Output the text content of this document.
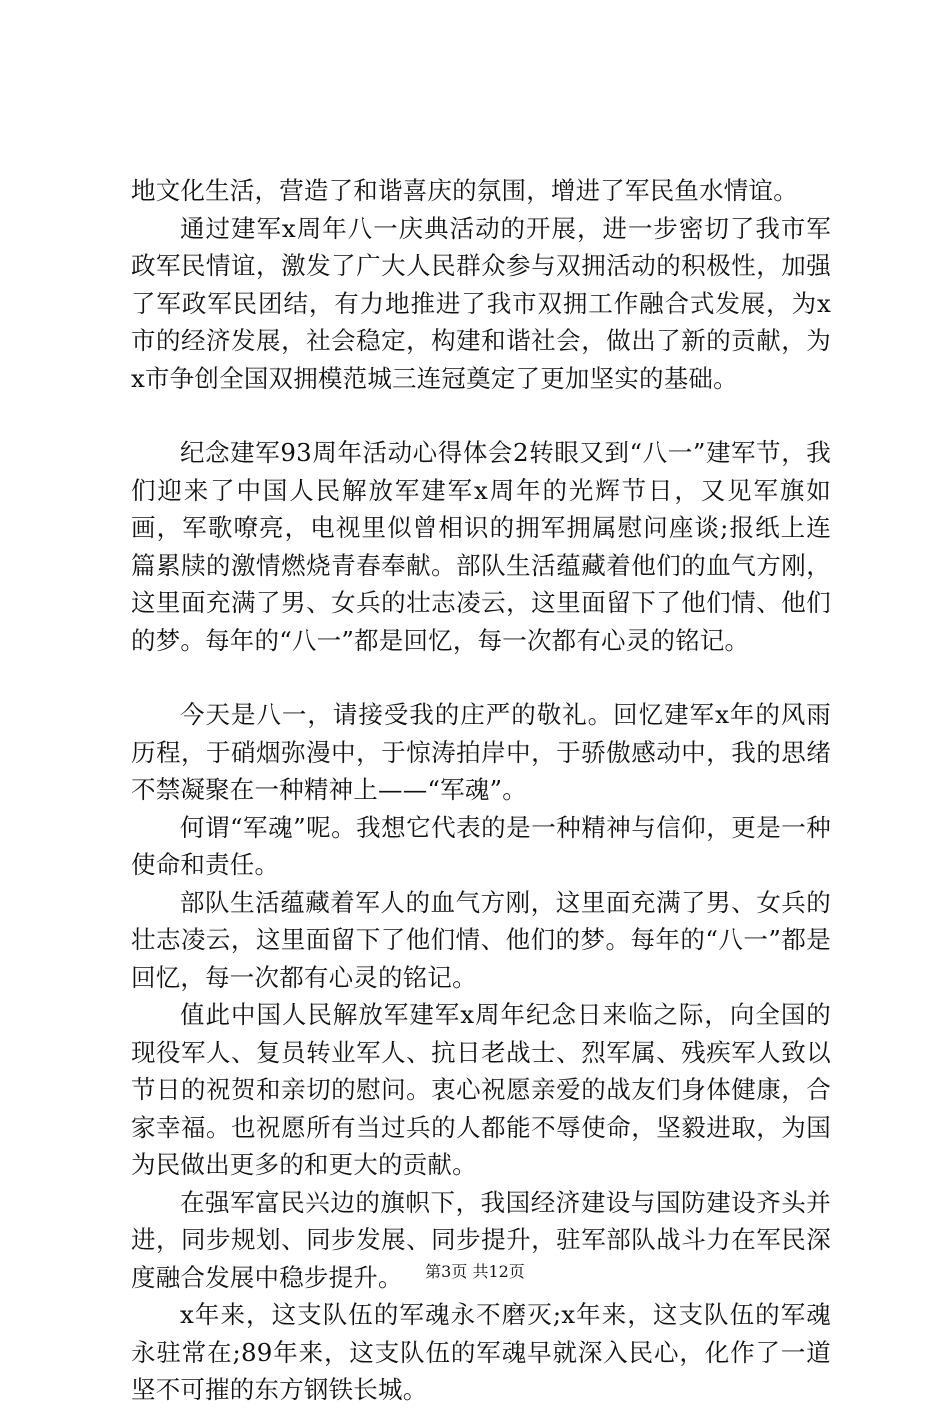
地文化生活，营造了和谐喜庆的氛围，增进了军民鱼水情谊。

通过建军x周年八一庆典活动的开展，进一步密切了我市军政军民情谊，激发了广大人民群众参与双拥活动的积极性，加强了军政军民团结，有力地推进了我市双拥工作融合式发展，为x市的经济发展，社会稳定，构建和谐社会，做出了新的贡献，为x市争创全国双拥模范城三连冠奠定了更加坚实的基础。

纪念建军93周年活动心得体会2转眼又到“八一”建军节，我们迎来了中国人民解放军建军x周年的光辉节日，又见军旗如画，军歌嘹亮，电视里似曾相识的拥军拥属慰问座谈;报纸上连篇累牍的激情燃烧青春奉献。部队生活蕴藏着他们的血气方刚，这里面充满了男、女兵的壮志凌云，这里面留下了他们情、他们的梦。每年的“八一”都是回忆，每一次都有心灵的铭记。

今天是八一，请接受我的庄严的敬礼。回忆建军x年的风雨历程，于硝烟弥漫中，于惊涛拍岸中，于骄傲感动中，我的思绪不禁凝聚在一种精神上——“军魂”。

何谓“军魂”呢。我想它代表的是一种精神与信仰，更是一种使命和责任。

部队生活蕴藏着军人的血气方刚，这里面充满了男、女兵的壮志凌云，这里面留下了他们情、他们的梦。每年的“八一”都是回忆，每一次都有心灵的铭记。

值此中国人民解放军建军x周年纪念日来临之际，向全国的现役军人、复员转业军人、抗日老战士、烈军属、残疾军人致以节日的祝贺和亲切的慰问。衷心祝愿亲爱的战友们身体健康，合家幸福。也祝愿所有当过兵的人都能不辱使命，坚毅进取，为国为民做出更多的和更大的贡献。

在强军富民兴边的旗帜下，我国经济建设与国防建设齐头并进，同步规划、同步发展、同步提升，驻军部队战斗力在军民深度融合发展中稳步提升。

x年来，这支队伍的军魂永不磨灭;x年来，这支队伍的军魂永驻常在;89年来，这支队伍的军魂早就深入民心，化作了一道坚不可摧的东方钢铁长城。

第3页 共12页
